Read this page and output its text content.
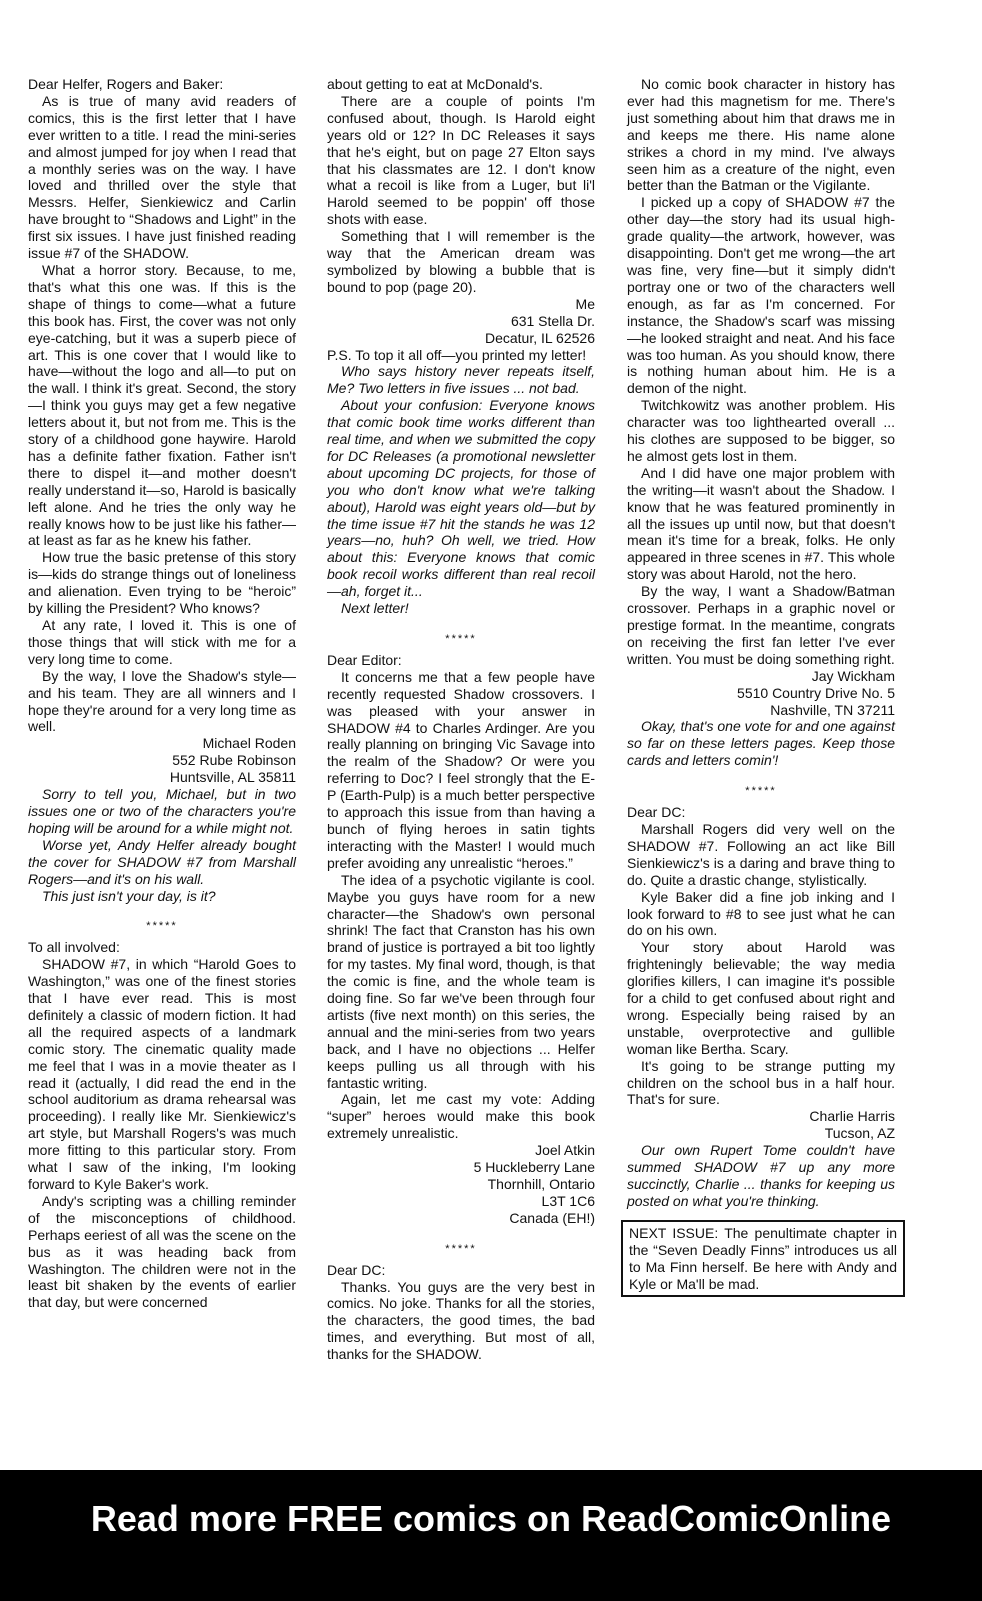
Dear Helfer, Rogers and Baker:

As is true of many avid readers of comics, this is the first letter that I have ever written to a title. I read the mini-series and almost jumped for joy when I read that a monthly series was on the way. I have loved and thrilled over the style that Messrs. Helfer, Sienkiewicz and Carlin have brought to “Shadows and Light” in the first six issues. I have just finished reading issue #7 of the SHADOW.

What a horror story. Because, to me, that's what this one was. If this is the shape of things to come—what a future this book has. First, the cover was not only eye-catching, but it was a superb piece of art. This is one cover that I would like to have—without the logo and all—to put on the wall. I think it's great. Second, the story—I think you guys may get a few negative letters about it, but not from me. This is the story of a childhood gone haywire. Harold has a definite father fixation. Father isn't there to dispel it—and mother doesn't really understand it—so, Harold is basically left alone. And he tries the only way he really knows how to be just like his father—at least as far as he knew his father.

How true the basic pretense of this story is—kids do strange things out of loneliness and alienation. Even trying to be “heroic” by killing the President? Who knows?

At any rate, I loved it. This is one of those things that will stick with me for a very long time to come.

By the way, I love the Shadow's style—and his team. They are all winners and I hope they're around for a very long time as well.

Michael Roden
552 Rube Robinson
Huntsville, AL 35811

Sorry to tell you, Michael, but in two issues one or two of the characters you're hoping will be around for a while might not.

Worse yet, Andy Helfer already bought the cover for SHADOW #7 from Marshall Rogers—and it's on his wall.

This just isn't your day, is it?

*****

To all involved:

SHADOW #7, in which “Harold Goes to Washington,” was one of the finest stories that I have ever read. This is most definitely a classic of modern fiction. It had all the required aspects of a landmark comic story. The cinematic quality made me feel that I was in a movie theater as I read it (actually, I did read the end in the school auditorium as drama rehearsal was proceeding). I really like Mr. Sienkiewicz's art style, but Marshall Rogers's was much more fitting to this particular story. From what I saw of the inking, I'm looking forward to Kyle Baker's work.

Andy's scripting was a chilling reminder of the misconceptions of childhood. Perhaps eeriest of all was the scene on the bus as it was heading back from Washington. The children were not in the least bit shaken by the events of earlier that day, but were concerned

about getting to eat at McDonald's.

There are a couple of points I'm confused about, though. Is Harold eight years old or 12? In DC Releases it says that he's eight, but on page 27 Elton says that his classmates are 12. I don't know what a recoil is like from a Luger, but li'l Harold seemed to be poppin' off those shots with ease.

Something that I will remember is the way that the American dream was symbolized by blowing a bubble that is bound to pop (page 20).

Me
631 Stella Dr.
Decatur, IL 62526

P.S. To top it all off—you printed my letter!

Who says history never repeats itself, Me? Two letters in five issues ... not bad.

About your confusion: Everyone knows that comic book time works different than real time, and when we submitted the copy for DC Releases (a promotional newsletter about upcoming DC projects, for those of you who don't know what we're talking about), Harold was eight years old—but by the time issue #7 hit the stands he was 12 years—no, huh? Oh well, we tried. How about this: Everyone knows that comic book recoil works different than real recoil—ah, forget it...

Next letter!

*****

Dear Editor:

It concerns me that a few people have recently requested Shadow crossovers. I was pleased with your answer in SHADOW #4 to Charles Ardinger. Are you really planning on bringing Vic Savage into the realm of the Shadow? Or were you referring to Doc? I feel strongly that the E-P (Earth-Pulp) is a much better perspective to approach this issue from than having a bunch of flying heroes in satin tights interacting with the Master! I would much prefer avoiding any unrealistic “heroes.”

The idea of a psychotic vigilante is cool. Maybe you guys have room for a new character—the Shadow's own personal shrink! The fact that Cranston has his own brand of justice is portrayed a bit too lightly for my tastes. My final word, though, is that the comic is fine, and the whole team is doing fine. So far we've been through four artists (five next month) on this series, the annual and the mini-series from two years back, and I have no objections ... Helfer keeps pulling us all through with his fantastic writing.

Again, let me cast my vote: Adding “super” heroes would make this book extremely unrealistic.

Joel Atkin
5 Huckleberry Lane
Thornhill, Ontario
L3T 1C6
Canada (EH!)

*****

Dear DC:

Thanks. You guys are the very best in comics. No joke. Thanks for all the stories, the characters, the good times, the bad times, and everything. But most of all, thanks for the SHADOW.

No comic book character in history has ever had this magnetism for me. There's just something about him that draws me in and keeps me there. His name alone strikes a chord in my mind. I've always seen him as a creature of the night, even better than the Batman or the Vigilante.

I picked up a copy of SHADOW #7 the other day—the story had its usual high-grade quality—the artwork, however, was disappointing. Don't get me wrong—the art was fine, very fine—but it simply didn't portray one or two of the characters well enough, as far as I'm concerned. For instance, the Shadow's scarf was missing—he looked straight and neat. And his face was too human. As you should know, there is nothing human about him. He is a demon of the night.

Twitchkowitz was another problem. His character was too lighthearted overall ... his clothes are supposed to be bigger, so he almost gets lost in them.

And I did have one major problem with the writing—it wasn't about the Shadow. I know that he was featured prominently in all the issues up until now, but that doesn't mean it's time for a break, folks. He only appeared in three scenes in #7. This whole story was about Harold, not the hero.

By the way, I want a Shadow/Batman crossover. Perhaps in a graphic novel or prestige format. In the meantime, congrats on receiving the first fan letter I've ever written. You must be doing something right.

Jay Wickham
5510 Country Drive No. 5
Nashville, TN 37211

Okay, that's one vote for and one against so far on these letters pages. Keep those cards and letters comin'!

*****

Dear DC:

Marshall Rogers did very well on the SHADOW #7. Following an act like Bill Sienkiewicz's is a daring and brave thing to do. Quite a drastic change, stylistically.

Kyle Baker did a fine job inking and I look forward to #8 to see just what he can do on his own.

Your story about Harold was frighteningly believable; the way media glorifies killers, I can imagine it's possible for a child to get confused about right and wrong. Especially being raised by an unstable, overprotective and gullible woman like Bertha. Scary.

It's going to be strange putting my children on the school bus in a half hour. That's for sure.

Charlie Harris
Tucson, AZ

Our own Rupert Tome couldn't have summed SHADOW #7 up any more succinctly, Charlie ... thanks for keeping us posted on what you're thinking.

NEXT ISSUE: The penultimate chapter in the “Seven Deadly Finns” introduces us all to Ma Finn herself. Be here with Andy and Kyle or Ma'll be mad.

Read more FREE comics on ReadComicOnline
